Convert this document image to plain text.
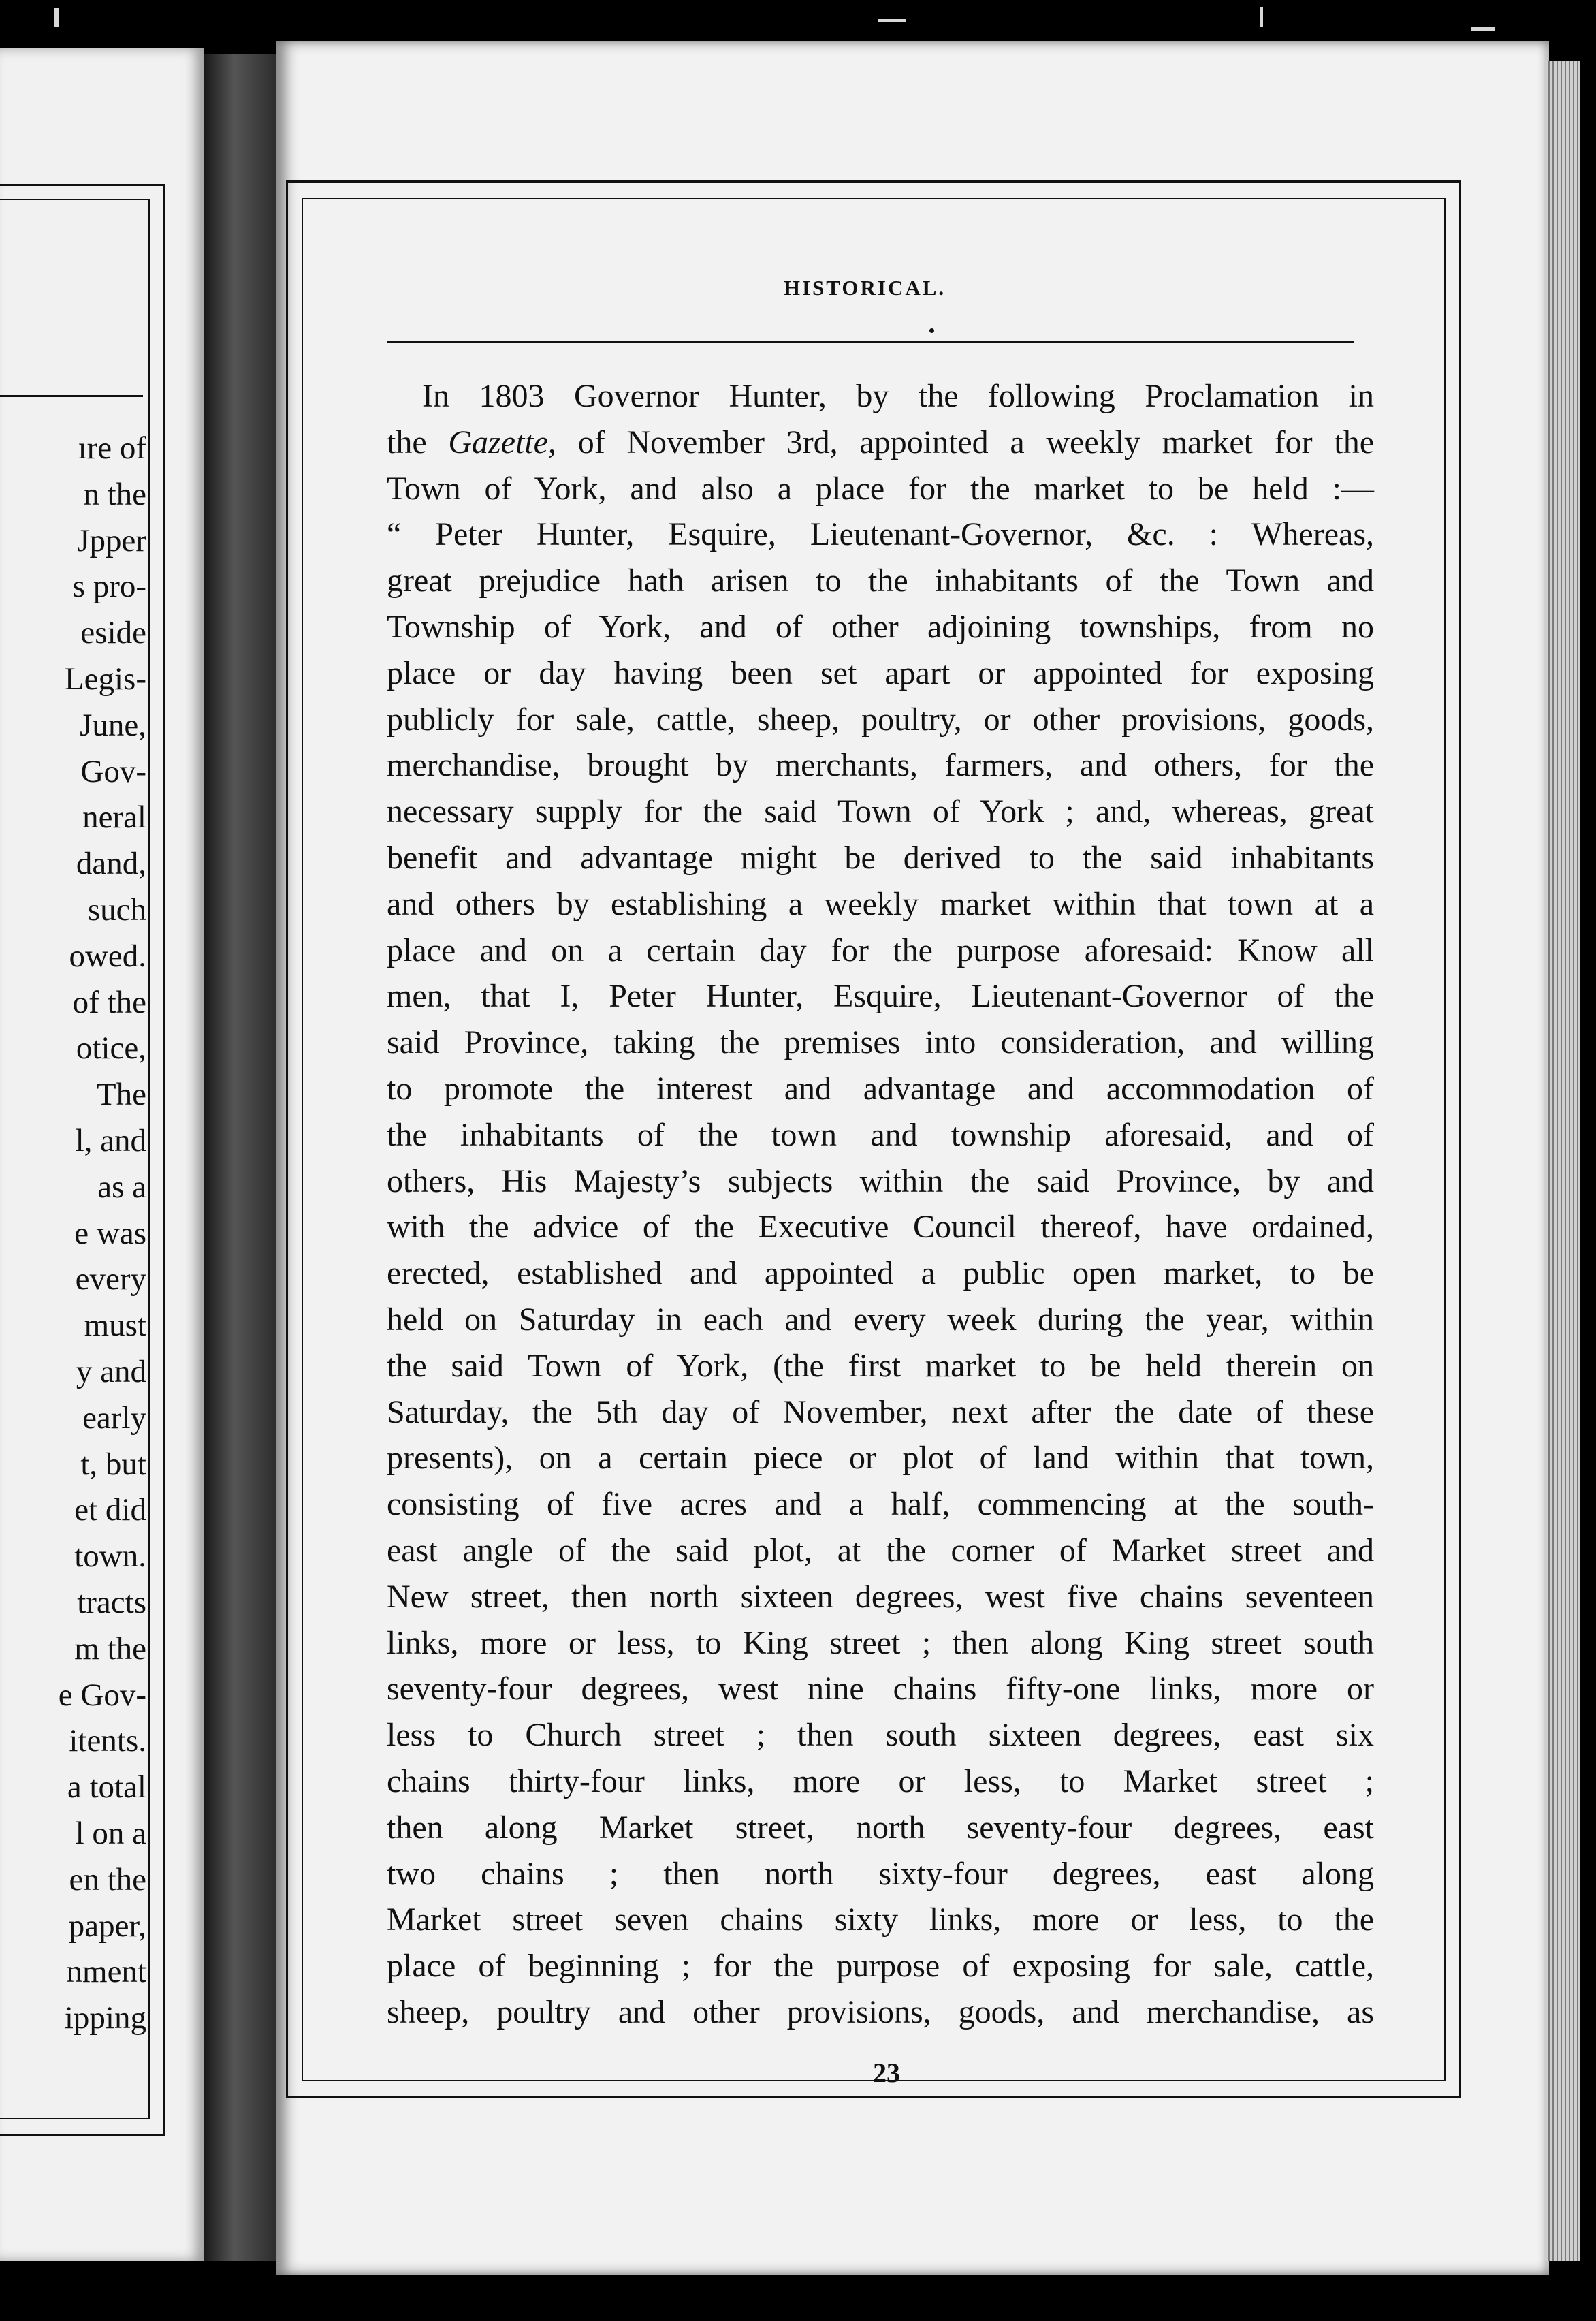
ıre of
n the
Jpper
s pro-
eside
Legis-
June,
Gov-
neral
dand,
such
owed.
of the
otice,
The
l, and
as a
e was
every
must
y and
early
t, but
et did
town.
tracts
m the
e Gov-
itents.
a total
l on a
en the
paper,
nment
ipping
HISTORICAL.
In 1803 Governor Hunter, by the following Proclamation in
the Gazette, of November 3rd, appointed a weekly market for the
Town of York, and also a place for the market to be held :—
“ Peter Hunter, Esquire, Lieutenant-Governor, &c. : Whereas,
great prejudice hath arisen to the inhabitants of the Town and
Township of York, and of other adjoining townships, from no
place or day having been set apart or appointed for exposing
publicly for sale, cattle, sheep, poultry, or other provisions, goods,
merchandise, brought by merchants, farmers, and others, for the
necessary supply for the said Town of York ; and, whereas, great
benefit and advantage might be derived to the said inhabitants
and others by establishing a weekly market within that town at a
place and on a certain day for the purpose aforesaid: Know all
men, that I, Peter Hunter, Esquire, Lieutenant-Governor of the
said Province, taking the premises into consideration, and willing
to promote the interest and advantage and accommodation of
the inhabitants of the town and township aforesaid, and of
others, His Majesty’s subjects within the said Province, by and
with the advice of the Executive Council thereof, have ordained,
erected, established and appointed a public open market, to be
held on Saturday in each and every week during the year, within
the said Town of York, (the first market to be held therein on
Saturday, the 5th day of November, next after the date of these
presents), on a certain piece or plot of land within that town,
consisting of five acres and a half, commencing at the south-
east angle of the said plot, at the corner of Market street and
New street, then north sixteen degrees, west five chains seventeen
links, more or less, to King street ; then along King street south
seventy-four degrees, west nine chains fifty-one links, more or
less to Church street ; then south sixteen degrees, east six
chains thirty-four links, more or less, to Market street ;
then along Market street, north seventy-four degrees, east
two chains ; then north sixty-four degrees, east along
Market street seven chains sixty links, more or less, to the
place of beginning ; for the purpose of exposing for sale, cattle,
sheep, poultry and other provisions, goods, and merchandise, as
23
